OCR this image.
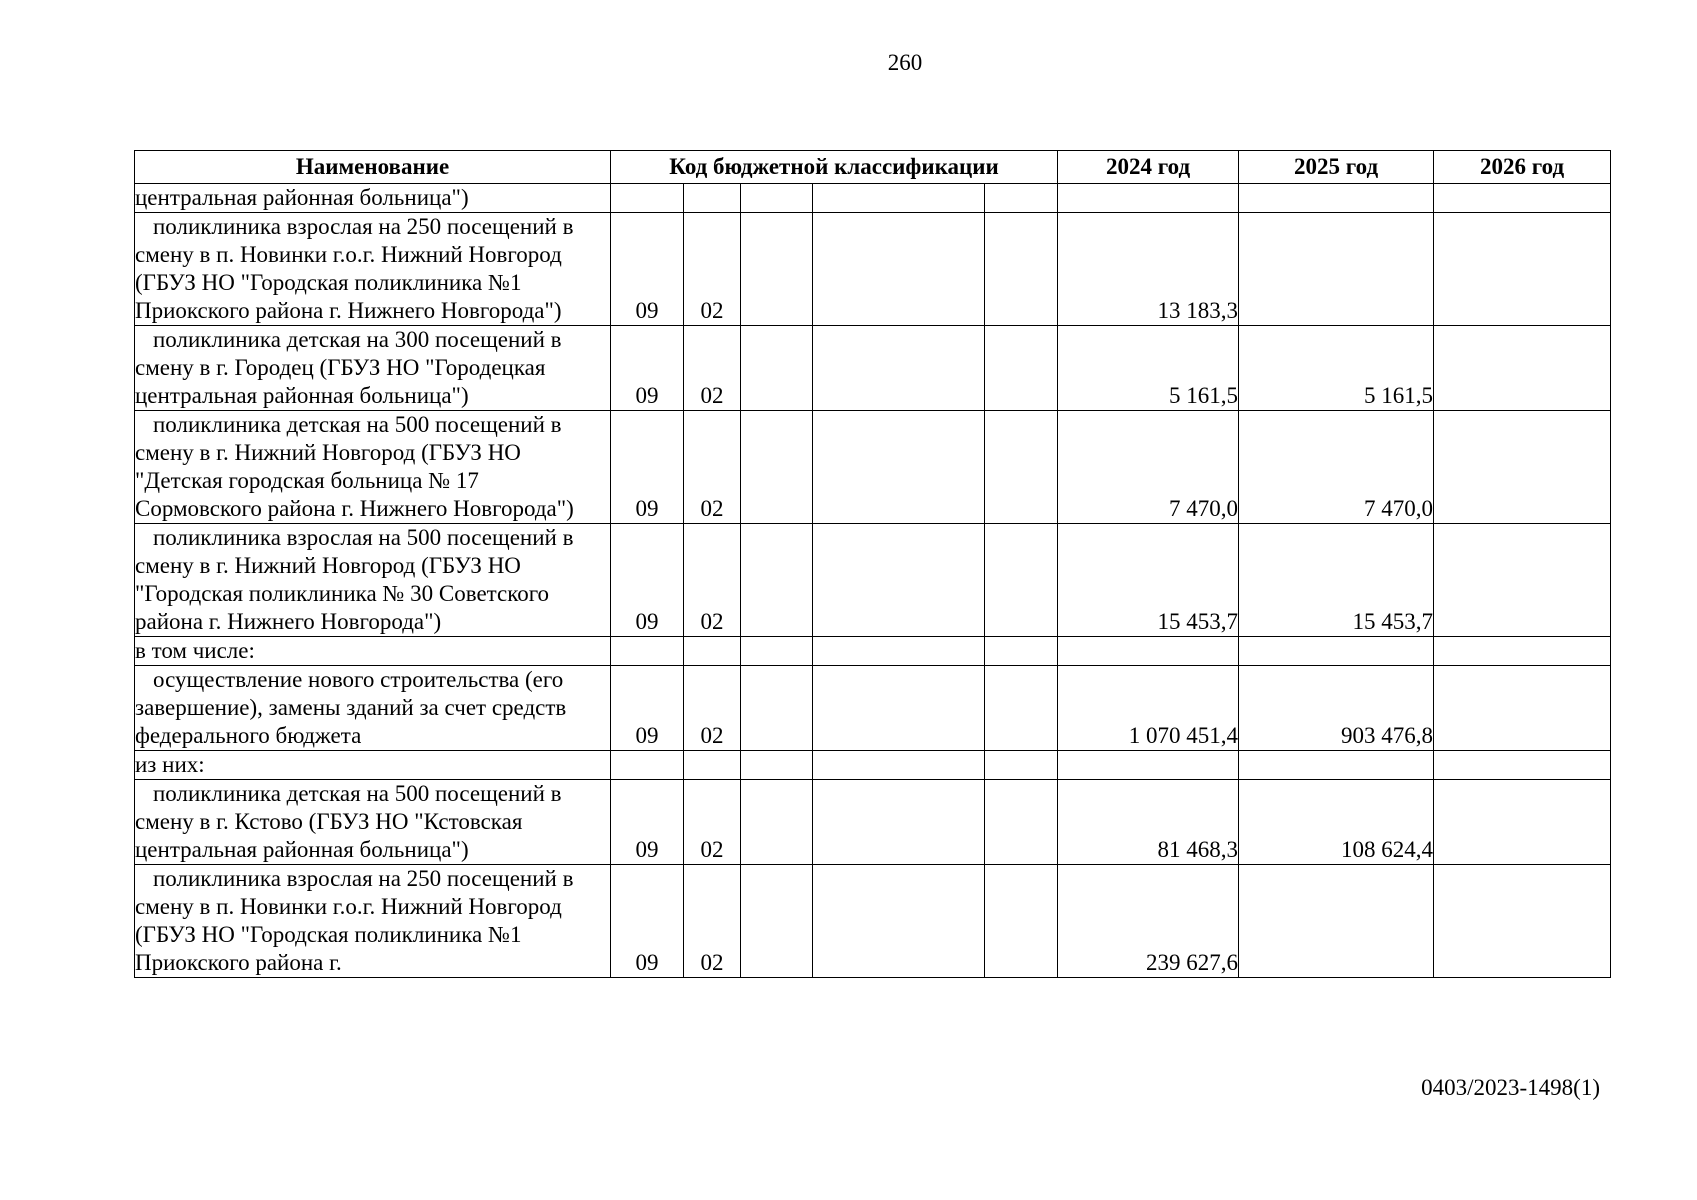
260
Наименование	Код бюджетной классификации					2024 год	2025 год	2026 год
центральная районная больница")								
поликлиника взрослая на 250 посещений в смену в п. Новинки г.о.г. Нижний Новгород (ГБУЗ НО "Городская поликлиника №1 Приокского района г. Нижнего Новгорода")	09	02				13 183,3		
поликлиника детская на 300 посещений в смену в г. Городец (ГБУЗ НО "Городецкая центральная районная больница")	09	02				5 161,5	5 161,5	
поликлиника детская на 500 посещений в смену в г. Нижний Новгород (ГБУЗ НО "Детская городская больница № 17 Сормовского района г. Нижнего Новгорода")	09	02				7 470,0	7 470,0	
поликлиника взрослая на 500 посещений в смену в г. Нижний Новгород (ГБУЗ НО "Городская поликлиника № 30 Советского района г. Нижнего Новгорода")	09	02				15 453,7	15 453,7	
в том числе:								
осуществление нового строительства (его завершение), замены зданий за счет средств федерального бюджета	09	02				1 070 451,4	903 476,8	
из них:								
поликлиника детская на 500 посещений в смену в г. Кстово (ГБУЗ НО "Кстовская центральная районная больница")	09	02				81 468,3	108 624,4	
поликлиника взрослая на 250 посещений в смену в п. Новинки г.о.г. Нижний Новгород (ГБУЗ НО "Городская поликлиника №1 Приокского района г.	09	02				239 627,6		
0403/2023-1498(1)
